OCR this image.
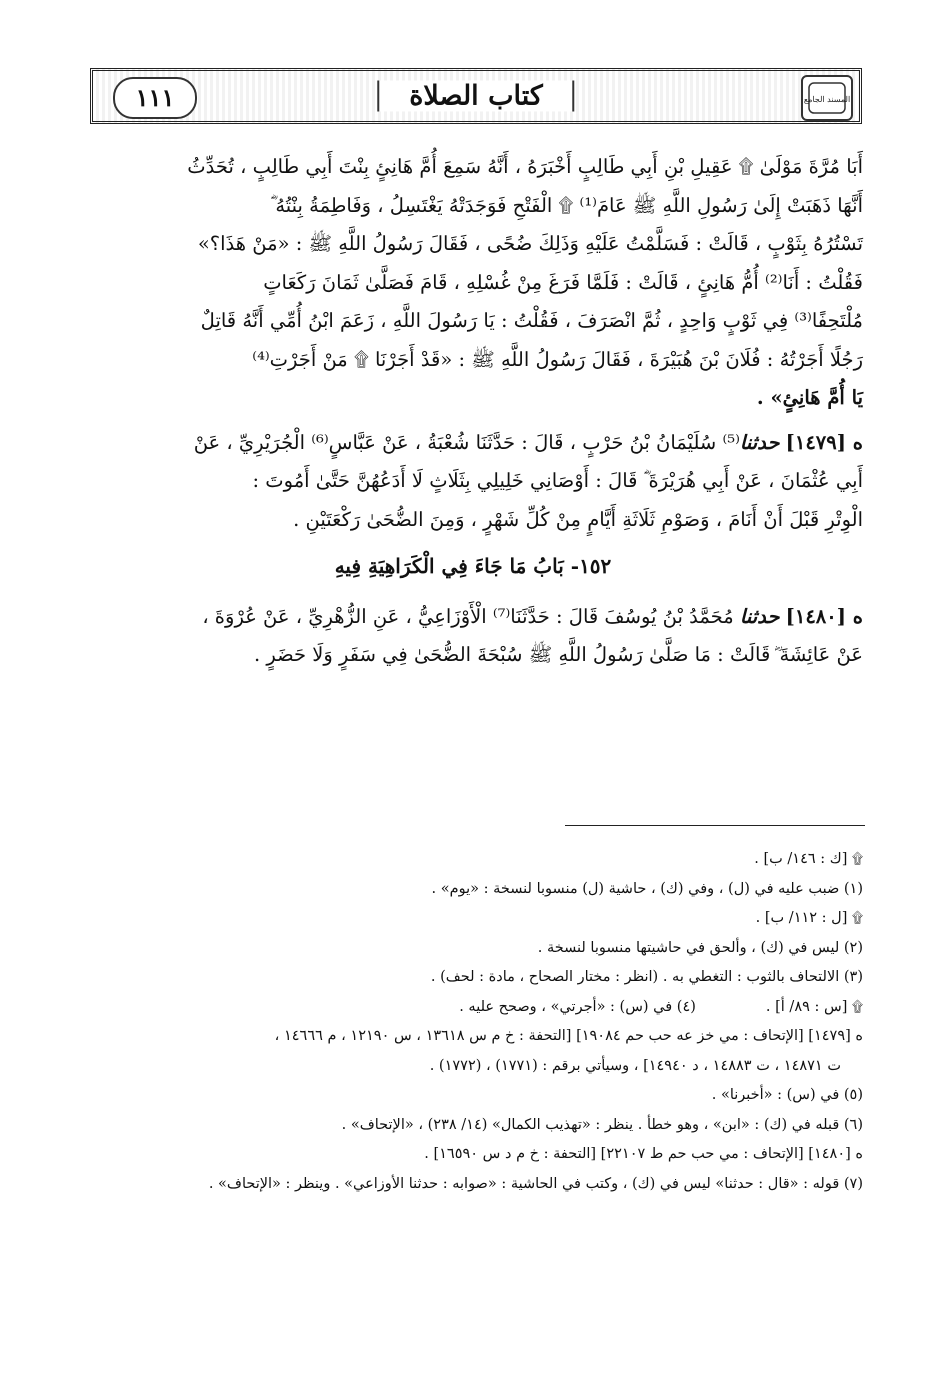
المسند الجامع
كتاب الصلاة
١١١

أَبَا مُرَّةَ مَوْلَىٰ ۩ عَقِيلِ بْنِ أَبِي طَالِبٍ أَخْبَرَهُ ، أَنَّهُ سَمِعَ أُمَّ هَانِئٍ بِنْتَ أَبِي طَالِبٍ ، تُحَدِّثُ

أَنَّهَا ذَهَبَتْ إِلَىٰ رَسُولِ اللَّهِ ﷺ عَامَ⁽¹⁾ ۩ الْفَتْحِ فَوَجَدَتْهُ يَغْتَسِلُ ، وَفَاطِمَةُ بِنْتُهُ ؓ

تَسْتُرُهُ بِثَوْبٍ ، قَالَتْ : فَسَلَّمْتُ عَلَيْهِ وَذَلِكَ ضُحًى ، فَقَالَ رَسُولُ اللَّهِ ﷺ : «مَنْ هَذَا؟»

فَقُلْتُ : أَنَا⁽²⁾ أُمُّ هَانِئٍ ، قَالَتْ : فَلَمَّا فَرَغَ مِنْ غُسْلِهِ ، قَامَ فَصَلَّىٰ ثَمَانَ رَكَعَاتٍ

مُلْتَحِفًا⁽³⁾ فِي ثَوْبٍ وَاحِدٍ ، ثُمَّ انْصَرَفَ ، فَقُلْتُ : يَا رَسُولَ اللَّهِ ، زَعَمَ ابْنُ أُمِّي أَنَّهُ قَاتِلٌ

رَجُلًا أَجَرْتُهُ : فُلَانَ بْنَ هُبَيْرَةَ ، فَقَالَ رَسُولُ اللَّهِ ﷺ : «قَدْ أَجَرْنَا ۩ مَنْ أَجَرْتِ⁽⁴⁾

يَا أُمَّ هَانِئٍ» .

ه [١٤٧٩] حدثنا⁽⁵⁾ سُلَيْمَانُ بْنُ حَرْبٍ ، قَالَ : حَدَّثَنَا شُعْبَةُ ، عَنْ عَبَّاسٍ⁽⁶⁾ الْجُرَيْرِيِّ ، عَنْ

أَبِي عُثْمَانَ ، عَنْ أَبِي هُرَيْرَةَ ؓ قَالَ : أَوْصَانِي خَلِيلِي بِثَلَاثٍ لَا أَدَعُهُنَّ حَتَّىٰ أَمُوتَ :

الْوِتْرِ قَبْلَ أَنْ أَنَامَ ، وَصَوْمِ ثَلَاثَةِ أَيَّامٍ مِنْ كُلِّ شَهْرٍ ، وَمِنَ الضُّحَىٰ رَكْعَتَيْنِ .

١٥٢- بَابُ مَا جَاءَ فِي الْكَرَاهِيَةِ فِيهِ

ه [١٤٨٠] حدثنا مُحَمَّدُ بْنُ يُوسُفَ قَالَ : حَدَّثَنَا⁽⁷⁾ الْأَوْزَاعِيُّ ، عَنِ الزُّهْرِيِّ ، عَنْ عُرْوَةَ ،

عَنْ عَائِشَةَ ؓ قَالَتْ : مَا صَلَّىٰ رَسُولُ اللَّهِ ﷺ سُبْحَةَ الضُّحَىٰ فِي سَفَرٍ وَلَا حَضَرٍ .

۩ [ك : ١٤٦/ ب] .

(١) ضبب عليه في (ل) ، وفي (ك) ، حاشية (ل) منسوبا لنسخة : «يوم» .

۩ [ل : ١١٢/ ب] .

(٢) ليس في (ك) ، وألحق في حاشيتها منسوبا لنسخة .

(٣) الالتحاف بالثوب : التغطي به . (انظر : مختار الصحاح ، مادة : لحف) .

۩ [س : ٨٩/ أ] .
(٤) في (س) : «أجرتي» ، وصحح عليه .

ه [١٤٧٩] [الإتحاف : مي خز عه حب حم ١٩٠٨٤] [التحفة : خ م س ١٣٦١٨ ، س ١٢١٩٠ ، م ١٤٦٦٦ ،

ت ١٤٨٧١ ، ت ١٤٨٨٣ ، د ١٤٩٤٠] ، وسيأتي برقم : (١٧٧١) ، (١٧٧٢) .

(٥) في (س) : «أخبرنا» .

(٦) قبله في (ك) : «ابن» ، وهو خطأ . ينظر : «تهذيب الكمال» (١٤/ ٢٣٨) ، «الإتحاف» .

ه [١٤٨٠] [الإتحاف : مي حب حم ط ٢٢١٠٧] [التحفة : خ م د س ١٦٥٩٠] .

(٧) قوله : «قال : حدثنا» ليس في (ك) ، وكتب في الحاشية : «صوابه : حدثنا الأوزاعي» . وينظر : «الإتحاف» .
